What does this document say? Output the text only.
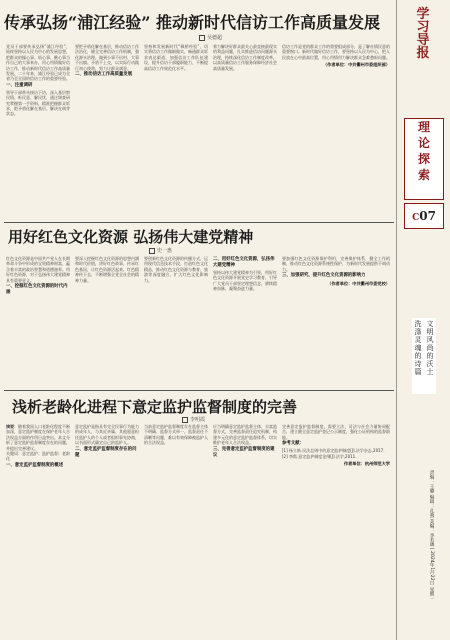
传承弘扬“浦江经验” 推动新时代信访工作高质量发展
吴德超
党员干部要传承弘扬“浦江经验”，始终坚持以人民为中心的发展思想，把群众的操心事、烦心事、揪心事当作自己的大事来办，用心用情做好信访工作，推动新时代信访工作高质量发展。二十年来，浦江经验已成为全省乃至全国的信访工作的重要经验。
一、注重调研
领导干部带头接访下访，深入基层察民情、听民意、解民忧，通过调查研究掌握第一手资料，精准把握群众诉求，把矛盾化解在基层、解决在萌芽状态。
要把矛盾化解在基层，推动信访工作法治化，健全完善信访工作机制，强化源头治理，做到小事不出村、大事不出镇、矛盾不上交，以实际行动践行初心使命，努力让群众满意。
二、推动信访工作高质量发展
坚持和发展新时代“枫桥经验”，切实将信访工作做细做实，畅通群众诉求表达渠道，加强信访工作队伍建设，提升信访干部履职能力，不断提高信访工作规范化水平。
着力解决好群众最关心最直接最现实的利益问题，扎实推进信访问题源头治理，持续深化信访工作制度改革，以高质量信访工作服务保障经济社会高质量发展。
信访工作是党的群众工作的重要组成部分，是了解社情民意的重要窗口。新时代做好信访工作，要坚持以人民为中心，把人民放在心中最高位置，用心用情用力解决群众急难愁盼问题。
（作者单位：中共衢州市委组织部）
用好红色文化资源 弘扬伟大建党精神
史一惠
红色文化资源是中国共产党人在长期革命斗争中形成的宝贵精神财富，蕴含着丰富的政治智慧和道德滋养。用好红色资源，对于弘扬伟大建党精神具有重要意义。
一、挖掘红色文化资源的时代内涵
要深入挖掘红色文化资源的思想内涵和时代价值，讲好红色故事，传承红色基因，让红色资源活起来、红色精神传下去，不断增强全党全社会的精神力量。
要创新红色文化资源的传播方式，运用现代信息技术手段，打造红色文化精品，推动红色文化资源与教育、旅游等深度融合，扩大红色文化影响力。
二、用好红色文化资源，弘扬伟大建党精神
坚持以伟大建党精神为引领，用好红色文化资源开展党史学习教育，引导广大党员干部坚定理想信念，赓续精神血脉，凝聚奋进力量。
要加强红色文化资源保护利用，完善保护体系，健全工作机制，推动红色文化资源系统性保护，为新时代发展提供不竭动力。
三、加强研究，提升红色文化资源的影响力
（作者单位：中共衢州市委党校）
浅析老龄化进程下意定监护监督制度的完善
李明霞
摘要：随着我国人口老龄化程度不断加深，意定监护制度在保护老年人合法权益方面的作用日益突出。本文分析了意定监护监督制度存在的问题，并提出完善建议。
关键词：意定监护；监护监督；老龄化
一、意定监护监督制度的概述
意定监护是指具有完全民事行为能力的成年人，与其近亲属、其他愿意担任监护人的个人或者组织事先协商，以书面形式确定自己的监护人。
二、意定监护监督制度存在的问题
当前意定监护监督制度存在监督主体不明确、监督方式单一、监督责任不清晰等问题，难以有效保障被监护人的合法权益。
应当明确意定监护监督主体，丰富监督方式，完善监督责任追究机制，构建多元化的意定监护监督体系，切实维护老年人合法权益。
三、完善意定监护监督制度的建议
完善意定监护监督制度，需要立法、司法与社会力量协同配合，建立健全意定监护登记公示制度，强化公证机构的监督职能。
参考文献：
[1] 杨立新.民法总则中的意定监护制度[J].法学杂志,2017. [2] 李霞.意定监护制度论纲[J].法学,2011.
作者单位：杭州师范大学
学
习
导
报
理
论
探
索
C07
洗涤灵魂的诗篇
文明风尚的沃土
责编：王璐 编辑：孔燕 美编：李若璘 | 2024年1月22日 星期一
